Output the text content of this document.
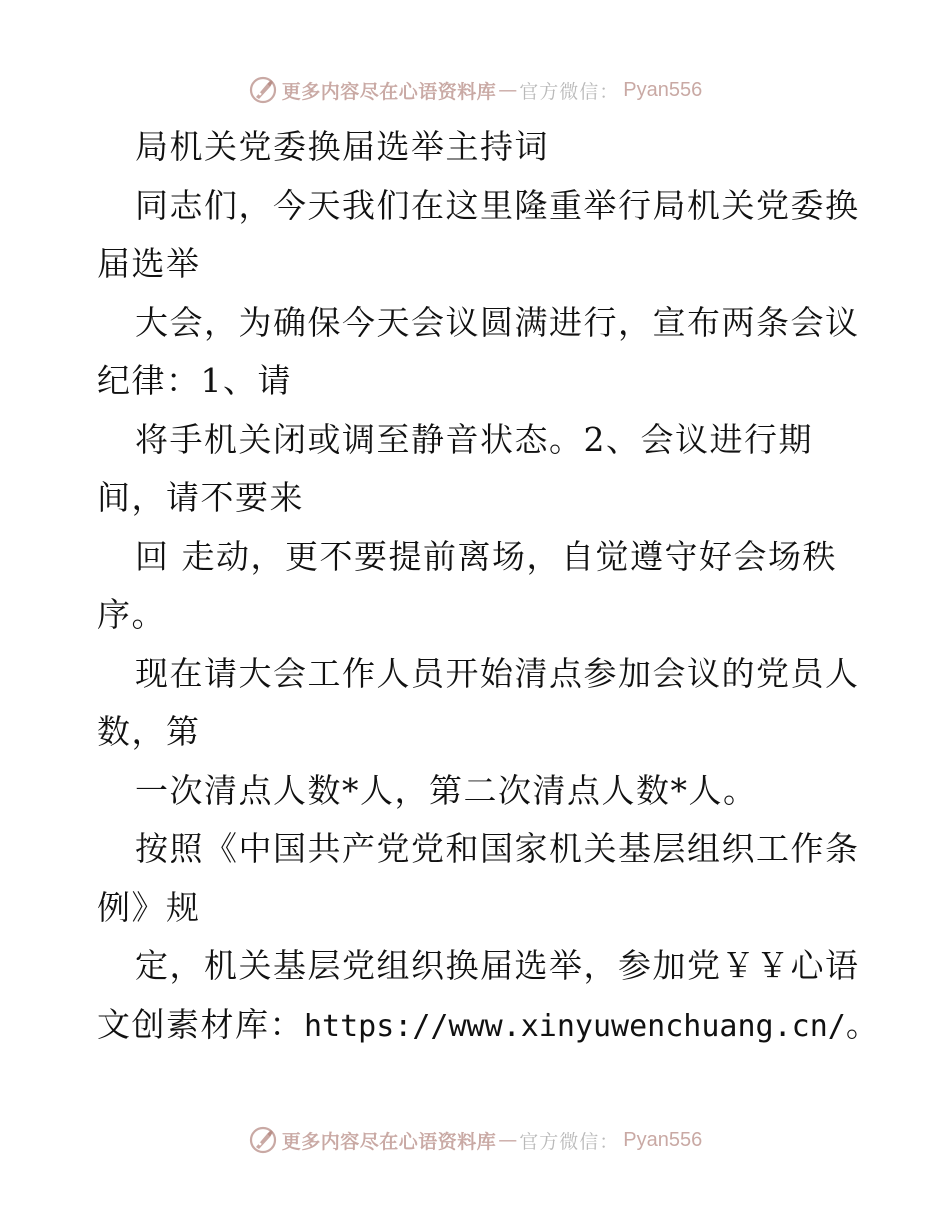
更多内容尽在心语资料库 — 官方微信： Pyan556
局机关党委换届选举主持词
同志们，今天我们在这里隆重举行局机关党委换
届选举
大会，为确保今天会议圆满进行，宣布两条会议
纪律：1、请
将手机关闭或调至静音状态。2、会议进行期
间，请不要来
回 走动，更不要提前离场，自觉遵守好会场秩
序。
现在请大会工作人员开始清点参加会议的党员人
数，第
一次清点人数*人，第二次清点人数*人。
按照《中国共产党党和国家机关基层组织工作条
例》规
定，机关基层党组织换届选举，参加党￥￥心语
文创素材库：https://www.xinyuwenchuang.cn/。
更多内容尽在心语资料库 — 官方微信： Pyan556
